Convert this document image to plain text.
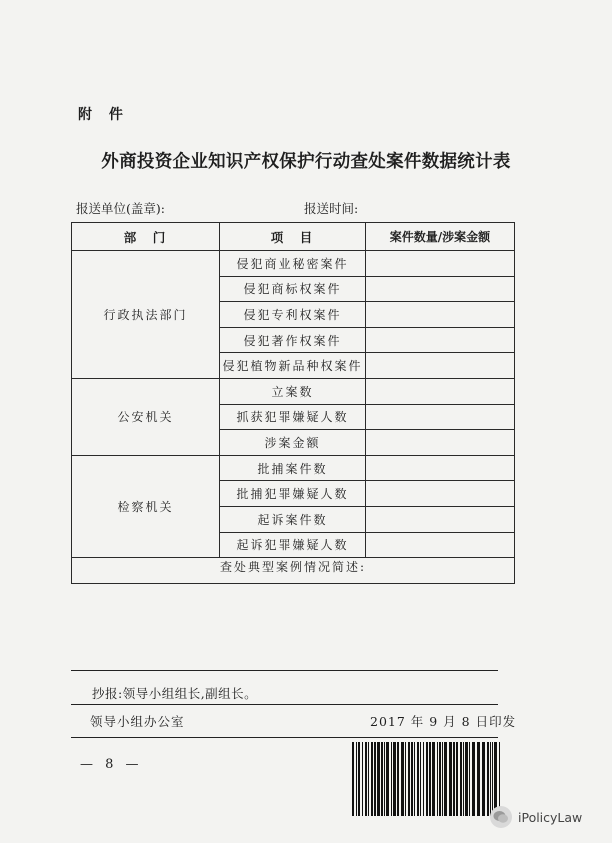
附 件
外商投资企业知识产权保护行动查处案件数据统计表
报送单位(盖章):	报送时间:
部　门	项　目	案件数量/涉案金额
行政执法部门	侵犯商业秘密案件	
	侵犯商标权案件	
	侵犯专利权案件	
	侵犯著作权案件	
	侵犯植物新品种权案件	
公安机关	立案数	
	抓获犯罪嫌疑人数	
	涉案金额	
检察机关	批捕案件数	
	批捕犯罪嫌疑人数	
	起诉案件数	
	起诉犯罪嫌疑人数	
查处典型案例情况简述:		
抄报:领导小组组长,副组长。
领导小组办公室	2017 年 9 月 8 日印发
— 8 —
iPolicyLaw
